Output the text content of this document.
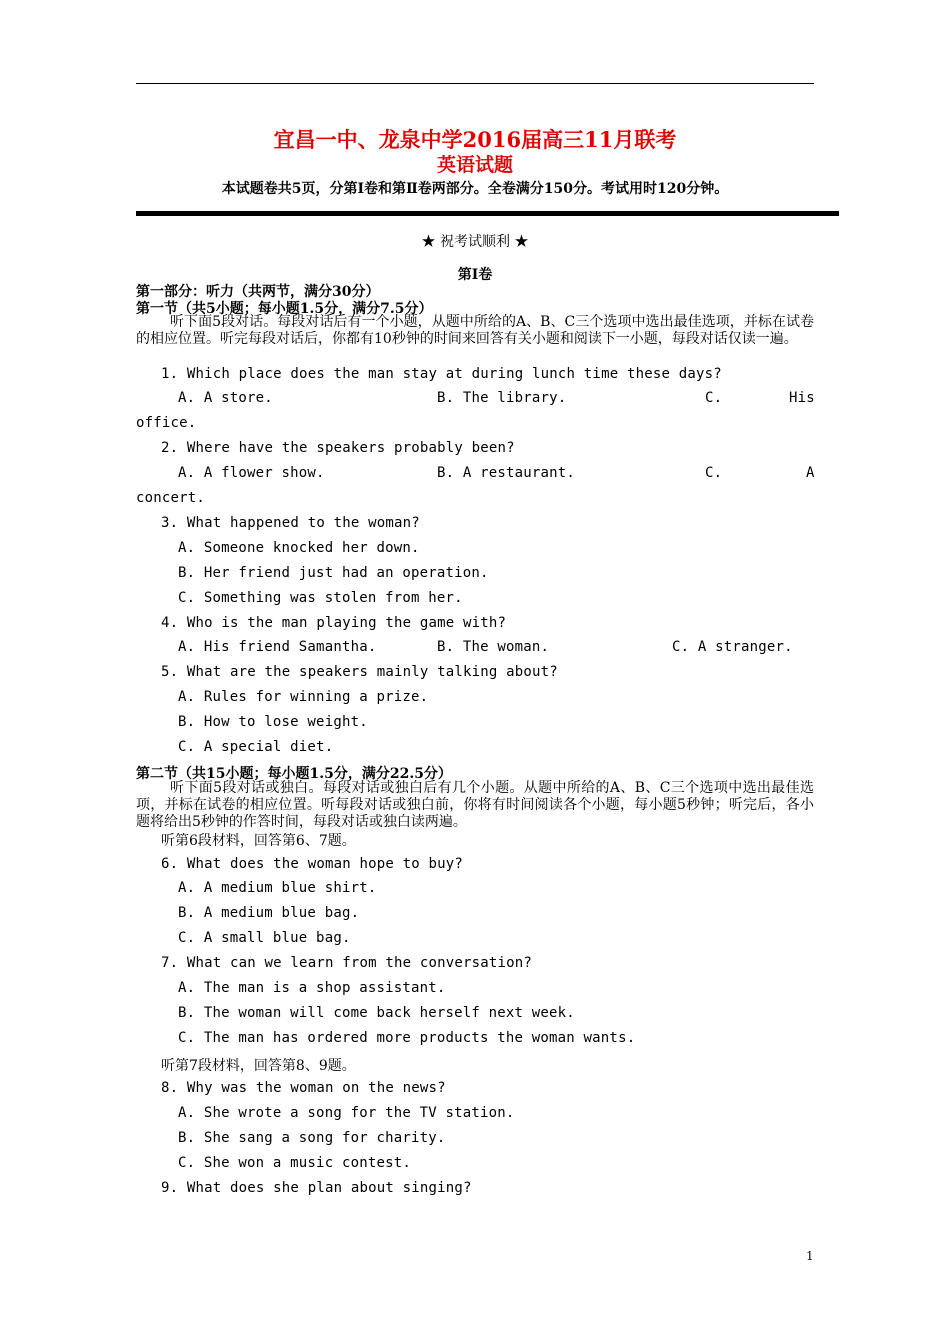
宜昌一中、龙泉中学2016届高三11月联考
英语试题
本试题卷共5页，分第Ⅰ卷和第Ⅱ卷两部分。全卷满分150分。考试用时120分钟。
★ 祝考试顺利 ★
第Ⅰ卷
第一部分：听力（共两节，满分30分）
第一节（共5小题；每小题1.5分，满分7.5分）
听下面5段对话。每段对话后有一个小题，从题中所给的A、B、C三个选项中选出最佳选项，并标在试卷的相应位置。听完每段对话后，你都有10秒钟的时间来回答有关小题和阅读下一小题，每段对话仅读一遍。
1. Which place does the man stay at during lunch time these days?
A. A store.	B. The library.	C.	His
office.
2. Where have the speakers probably been?
A. A flower show.	B. A restaurant.	C.	A
concert.
3. What happened to the woman?
A. Someone knocked her down.
B. Her friend just had an operation.
C. Something was stolen from her.
4. Who is the man playing the game with?
A. His friend Samantha.	B. The woman.	C. A stranger.
5. What are the speakers mainly talking about?
A. Rules for winning a prize.
B. How to lose weight.
C. A special diet.
第二节（共15小题；每小题1.5分，满分22.5分）
听下面5段对话或独白。每段对话或独白后有几个小题。从题中所给的A、B、C三个选项中选出最佳选项，并标在试卷的相应位置。听每段对话或独白前，你将有时间阅读各个小题，每小题5秒钟；听完后，各小题将给出5秒钟的作答时间，每段对话或独白读两遍。
听第6段材料，回答第6、7题。
6. What does the woman hope to buy?
A. A medium blue shirt.
B. A medium blue bag.
C. A small blue bag.
7. What can we learn from the conversation?
A. The man is a shop assistant.
B. The woman will come back herself next week.
C. The man has ordered more products the woman wants.
听第7段材料，回答第8、9题。
8. Why was the woman on the news?
A. She wrote a song for the TV station.
B. She sang a song for charity.
C. She won a music contest.
9. What does she plan about singing?
1
